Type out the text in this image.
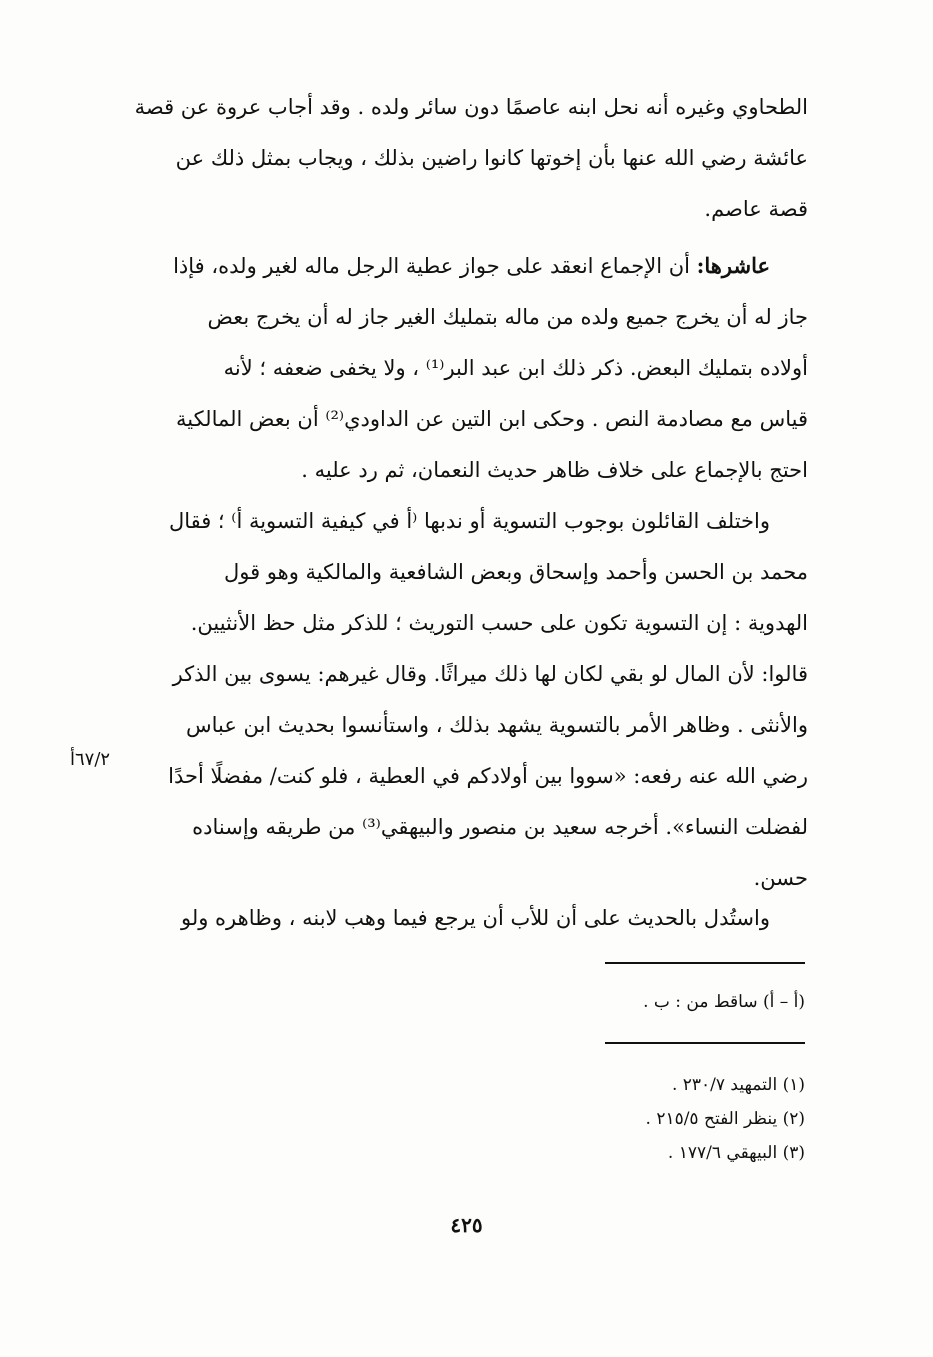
الطحاوي وغيره أنه نحل ابنه عاصمًا دون سائر ولده . وقد أجاب عروة عن قصة
عائشة رضي الله عنها بأن إخوتها كانوا راضين بذلك ، ويجاب بمثل ذلك عن
قصة عاصم.
عاشرها: أن الإجماع انعقد على جواز عطية الرجل ماله لغير ولده، فإذا
جاز له أن يخرج جميع ولده من ماله بتمليك الغير جاز له أن يخرج بعض
أولاده بتمليك البعض. ذكر ذلك ابن عبد البر⁽¹⁾ ، ولا يخفى ضعفه ؛ لأنه
قياس مع مصادمة النص . وحكى ابن التين عن الداودي⁽²⁾ أن بعض المالكية
احتج بالإجماع على خلاف ظاهر حديث النعمان، ثم رد عليه .
واختلف القائلون بوجوب التسوية أو ندبها ⁽أ في كيفية التسوية أ⁾ ؛ فقال
محمد بن الحسن وأحمد وإسحاق وبعض الشافعية والمالكية وهو قول
الهدوية : إن التسوية تكون على حسب التوريث ؛ للذكر مثل حظ الأنثيين.
قالوا: لأن المال لو بقي لكان لها ذلك ميراثًا. وقال غيرهم: يسوى بين الذكر
والأنثى . وظاهر الأمر بالتسوية يشهد بذلك ، واستأنسوا بحديث ابن عباس
رضي الله عنه رفعه: «سووا بين أولادكم في العطية ، فلو كنت/ مفضلًا أحدًا
لفضلت النساء». أخرجه سعيد بن منصور والبيهقي⁽³⁾ من طريقه وإسناده
حسن.
٦٧/٢أ
واستُدل بالحديث على أن للأب أن يرجع فيما وهب لابنه ، وظاهره ولو
(أ – أ) ساقط من : ب .
(١) التمهيد ٢٣٠/٧ .
(٢) ينظر الفتح ٢١٥/٥ .
(٣) البيهقي ١٧٧/٦ .
٤٢٥
